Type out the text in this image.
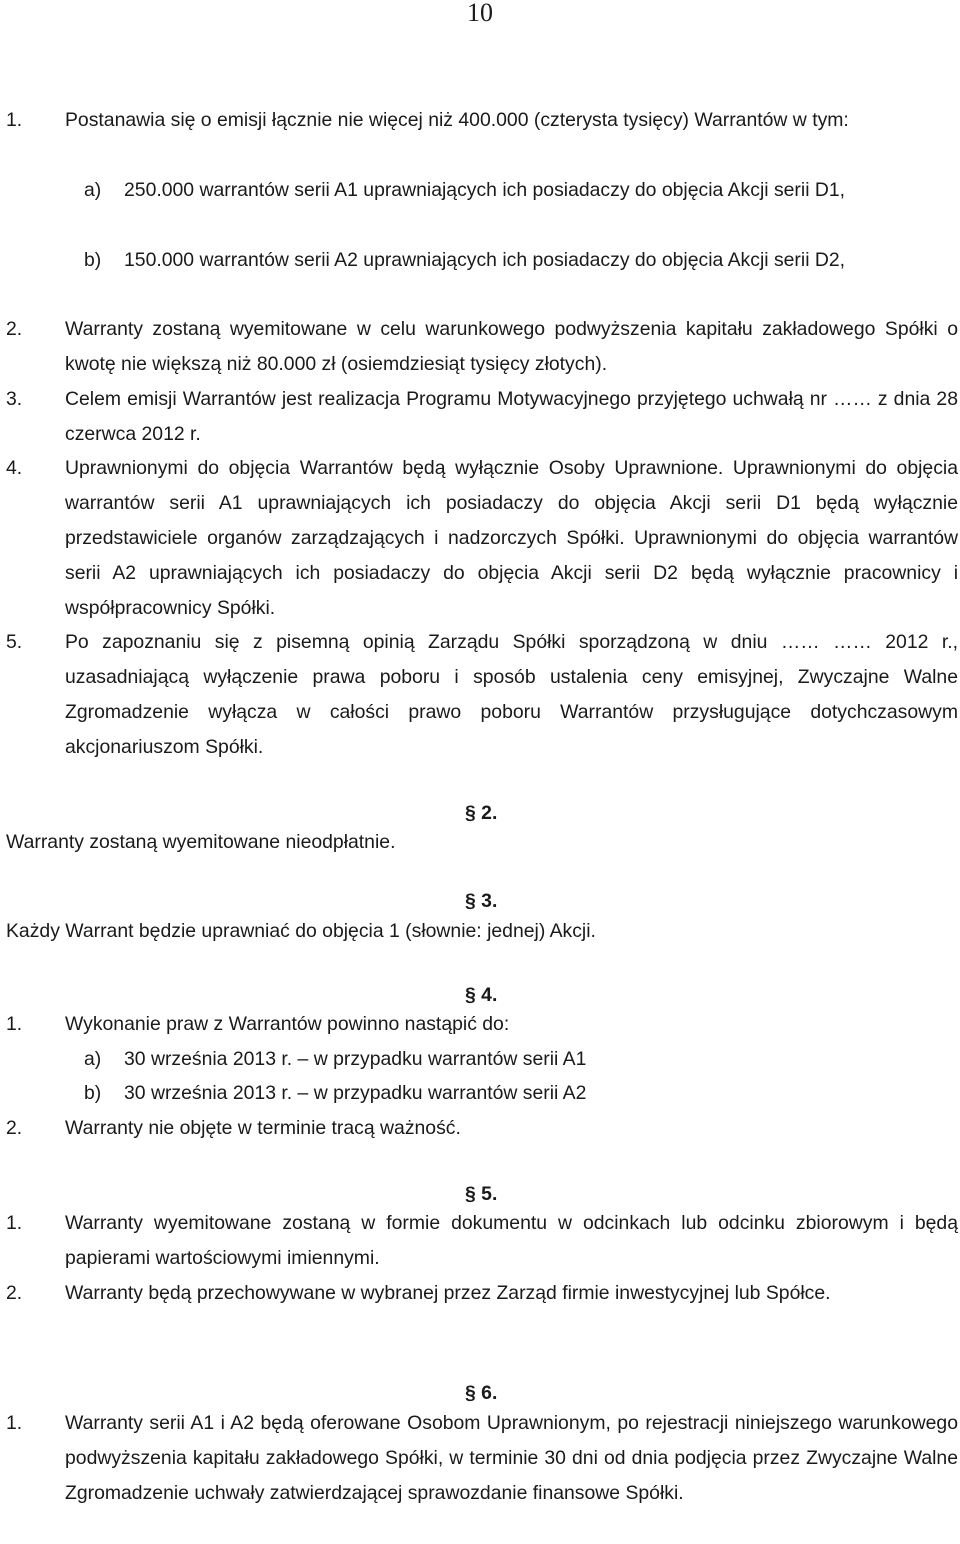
10
1. Postanawia się o emisji łącznie nie więcej niż 400.000 (czterysta tysięcy) Warrantów w tym:
a) 250.000 warrantów serii A1 uprawniających ich posiadaczy do objęcia Akcji serii D1,
b) 150.000 warrantów serii A2 uprawniających ich posiadaczy do objęcia Akcji serii D2,
2. Warranty zostaną wyemitowane w celu warunkowego podwyższenia kapitału zakładowego Spółki o kwotę nie większą niż 80.000 zł (osiemdziesiąt tysięcy złotych).
3. Celem emisji Warrantów jest realizacja Programu Motywacyjnego przyjętego uchwałą nr …… z dnia 28 czerwca 2012 r.
4. Uprawnionymi do objęcia Warrantów będą wyłącznie Osoby Uprawnione. Uprawnionymi do objęcia warrantów serii A1 uprawniających ich posiadaczy do objęcia Akcji serii D1 będą wyłącznie przedstawiciele organów zarządzających i nadzorczych Spółki. Uprawnionymi do objęcia warrantów serii A2 uprawniających ich posiadaczy do objęcia Akcji serii D2 będą wyłącznie pracownicy i współpracownicy Spółki.
5. Po zapoznaniu się z pisemną opinią Zarządu Spółki sporządzoną w dniu …… …… 2012 r., uzasadniającą wyłączenie prawa poboru i sposób ustalenia ceny emisyjnej, Zwyczajne Walne Zgromadzenie wyłącza w całości prawo poboru Warrantów przysługujące dotychczasowym akcjonariuszom Spółki.
§ 2.
Warranty zostaną wyemitowane nieodpłatnie.
§ 3.
Każdy Warrant będzie uprawniać do objęcia 1 (słownie: jednej) Akcji.
§ 4.
1. Wykonanie praw z Warrantów powinno nastąpić do:
a) 30 września 2013 r. – w przypadku warrantów serii A1
b) 30 września 2013 r. – w przypadku warrantów serii A2
2. Warranty nie objęte w terminie tracą ważność.
§ 5.
1. Warranty wyemitowane zostaną w formie dokumentu w odcinkach lub odcinku zbiorowym i będą papierami wartościowymi imiennymi.
2. Warranty będą przechowywane w wybranej przez Zarząd firmie inwestycyjnej lub Spółce.
§ 6.
1. Warranty serii A1 i A2 będą oferowane Osobom Uprawnionym, po rejestracji niniejszego warunkowego podwyższenia kapitału zakładowego Spółki, w terminie 30 dni od dnia podjęcia przez Zwyczajne Walne Zgromadzenie uchwały zatwierdzającej sprawozdanie finansowe Spółki.
